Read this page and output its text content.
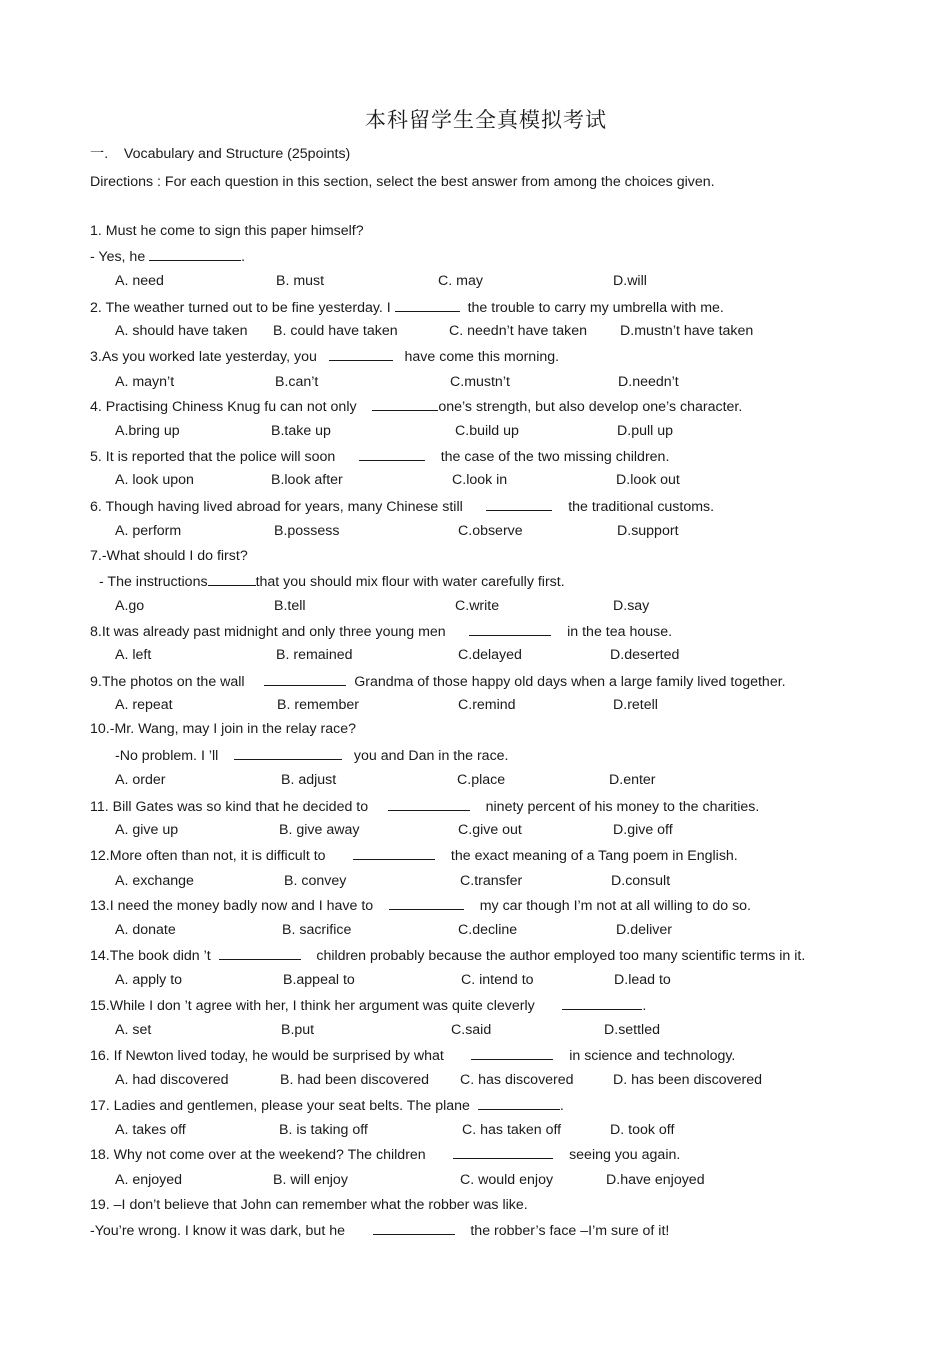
本科留学生全真模拟考试
一. Vocabulary and Structure (25points)
Directions : For each question in this section, select the best answer from among the choices given.
1. Must he come to sign this paper himself?
- Yes, he	.
A. need	B. must	C. may	D.will
2. The weather turned out to be fine yesterday. I	the trouble to carry my umbrella with me.
A. should have taken B. could have taken	C. needn’t have taken D.mustn’t have taken
3.As you worked late yesterday, you	have come this morning.
A. mayn’t	B.can’t	C.mustn’t	D.needn’t
4. Practising Chiness Knug fu can not only	one’s strength, but also develop one’s character.
A.bring up	B.take up	C.build up	D.pull up
5. It is reported that the police will soon	the case of the two missing children.
A. look upon	B.look after	C.look in	D.look out
6. Though having lived abroad for years, many Chinese still	the traditional customs.
A. perform	B.possess	C.observe	D.support
7.-What should I do first?
- The instructions	that you should mix flour with water carefully first.
A.go	B.tell	C.write	D.say
8.It was already past midnight and only three young men	in the tea house.
A. left	B. remained	C.delayed	D.deserted
9.The photos on the wall	Grandma of those happy old days when a large family lived together.
A. repeat	B. remember	C.remind	D.retell
10.-Mr. Wang, may I join in the relay race?
-No problem. I ’ll	you and Dan in the race.
A. order	B. adjust	C.place	D.enter
11. Bill Gates was so kind that he decided to	ninety percent of his money to the charities.
A. give up	B. give away	C.give out	D.give off
12.More often than not, it is difficult to	the exact meaning of a Tang poem in English.
A. exchange	B. convey	C.transfer	D.consult
13.I need the money badly now and I have to	my car though I’m not at all willing to do so.
A. donate	B. sacrifice	C.decline	D.deliver
14.The book didn ’t	children probably because the author employed too many scientific terms in it.
A. apply to	B.appeal to	C. intend to	D.lead to
15.While I don ’t agree with her, I think her argument was quite cleverly	.
A. set	B.put	C.said	D.settled
16. If Newton lived today, he would be surprised by what	in science and technology.
A. had discovered	B. had been discovered C. has discovered	D. has been discovered
17. Ladies and gentlemen, please your seat belts. The plane	.
A. takes off	B. is taking off	C. has taken off	D. took off
18. Why not come over at the weekend? The children	seeing you again.
A. enjoyed	B. will enjoy	C. would enjoy	D.have enjoyed
19. –I don’t believe that John can remember what the robber was like.
-You’re wrong. I know it was dark, but he	the robber’s face –I’m sure of it!
